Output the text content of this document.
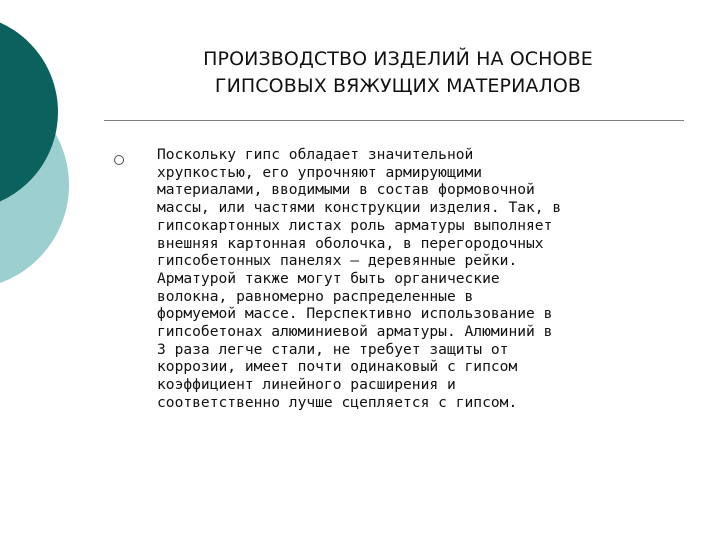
ПРОИЗВОДСТВО ИЗДЕЛИЙ НА ОСНОВЕ
ГИПСОВЫХ ВЯЖУЩИХ МАТЕРИАЛОВ
Поскольку гипс обладает значительной
хрупкостью, его упрочняют армирующими
материалами, вводимыми в состав формовочной
массы, или частями конструкции изделия. Так, в
гипсокартонных листах роль арматуры выполняет
внешняя картонная оболочка, в перегородочных
гипсобетонных панелях — деревянные рейки.
Арматурой также могут быть органические
волокна, равномерно распределенные в
формуемой массе. Перспективно использование в
гипсобетонах алюминиевой арматуры. Алюминий в
3 раза легче стали, не требует защиты от
коррозии, имеет почти одинаковый с гипсом
коэффициент линейного расширения и
соответственно лучше сцепляется с гипсом.
